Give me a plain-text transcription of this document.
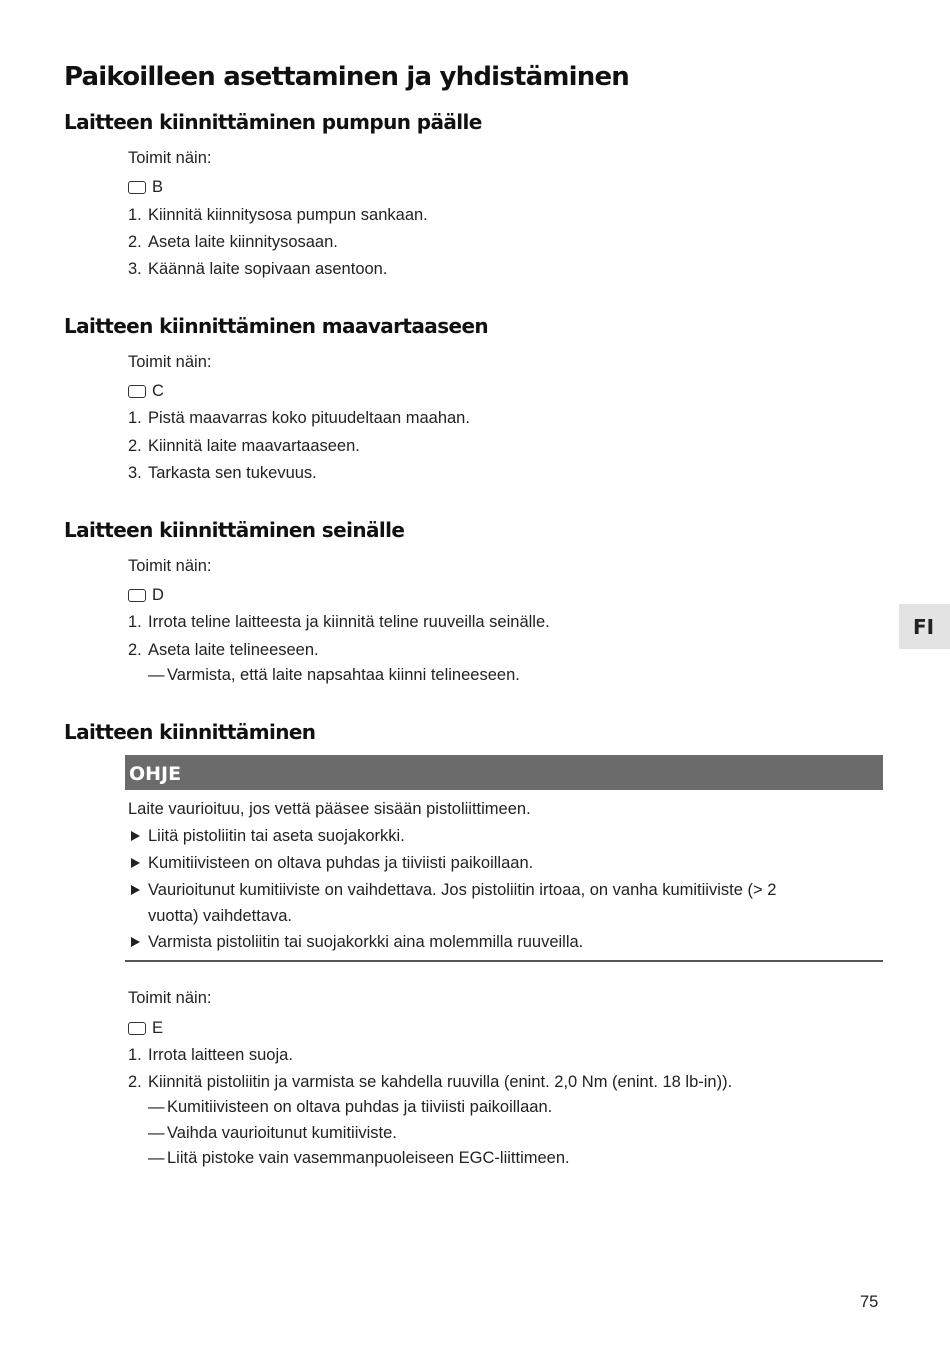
Paikoilleen asettaminen ja yhdistäminen
Laitteen kiinnittäminen pumpun päälle
Toimit näin:
B
1. Kiinnitä kiinnitysosa pumpun sankaan.
2. Aseta laite kiinnitysosaan.
3. Käännä laite sopivaan asentoon.
Laitteen kiinnittäminen maavartaaseen
Toimit näin:
C
1. Pistä maavarras koko pituudeltaan maahan.
2. Kiinnitä laite maavartaaseen.
3. Tarkasta sen tukevuus.
Laitteen kiinnittäminen seinälle
Toimit näin:
D
1. Irrota teline laitteesta ja kiinnitä teline ruuveilla seinälle.
2. Aseta laite telineeseen.
— Varmista, että laite napsahtaa kiinni telineeseen.
Laitteen kiinnittäminen
OHJE
Laite vaurioituu, jos vettä pääsee sisään pistoliittimeen.
Liitä pistoliitin tai aseta suojakorkki.
Kumitiivisteen on oltava puhdas ja tiiviisti paikoillaan.
Vaurioitunut kumitiiviste on vaihdettava. Jos pistoliitin irtoaa, on vanha kumitiiviste (> 2
vuotta) vaihdettava.
Varmista pistoliitin tai suojakorkki aina molemmilla ruuveilla.
Toimit näin:
E
1. Irrota laitteen suoja.
2. Kiinnitä pistoliitin ja varmista se kahdella ruuvilla (enint. 2,0 Nm (enint. 18 lb-in)).
— Kumitiivisteen on oltava puhdas ja tiiviisti paikoillaan.
— Vaihda vaurioitunut kumitiiviste.
— Liitä pistoke vain vasemmanpuoleiseen EGC-liittimeen.
FI
75
